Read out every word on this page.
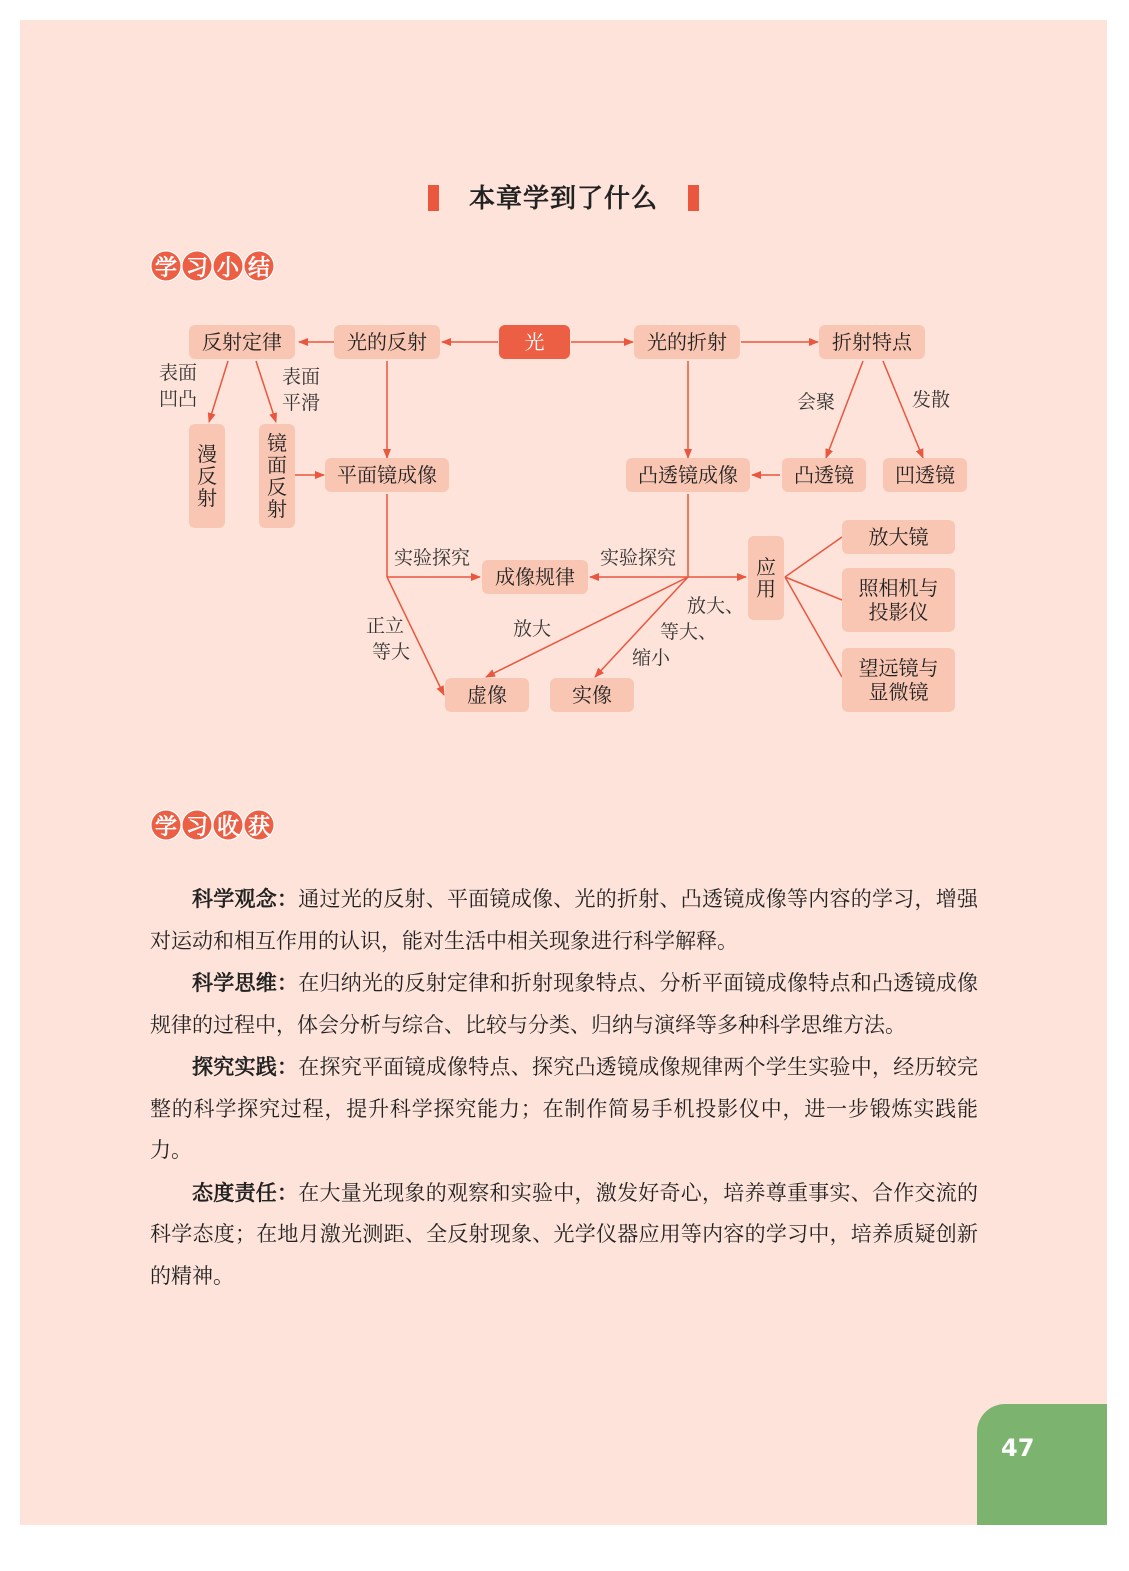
本章学到了什么
学 习 小 结
光
光的反射	光的折射
反射定律	折射特点
漫
反
射
镜
面
反
射
平面镜成像	凸透镜成像	凸透镜	凹透镜
成像规律	应
用
放大镜
照相机与
投影仪
望远镜与
显微镜
虚像	实像
表面
凹凸
表面
平滑	会聚	发散
实验探究	实验探究
正立
等大
放大
放大、
等大、
缩小
学 习 收 获

科学观念：通过光的反射、平面镜成像、光的折射、凸透镜成像等内容的学习，增强对运动和相互作用的认识，能对生活中相关现象进行科学解释。

科学思维：在归纳光的反射定律和折射现象特点、分析平面镜成像特点和凸透镜成像规律的过程中，体会分析与综合、比较与分类、归纳与演绎等多种科学思维方法。

探究实践：在探究平面镜成像特点、探究凸透镜成像规律两个学生实验中，经历较完整的科学探究过程，提升科学探究能力；在制作简易手机投影仪中，进一步锻炼实践能力。

态度责任：在大量光现象的观察和实验中，激发好奇心，培养尊重事实、合作交流的科学态度；在地月激光测距、全反射现象、光学仪器应用等内容的学习中，培养质疑创新的精神。

47
